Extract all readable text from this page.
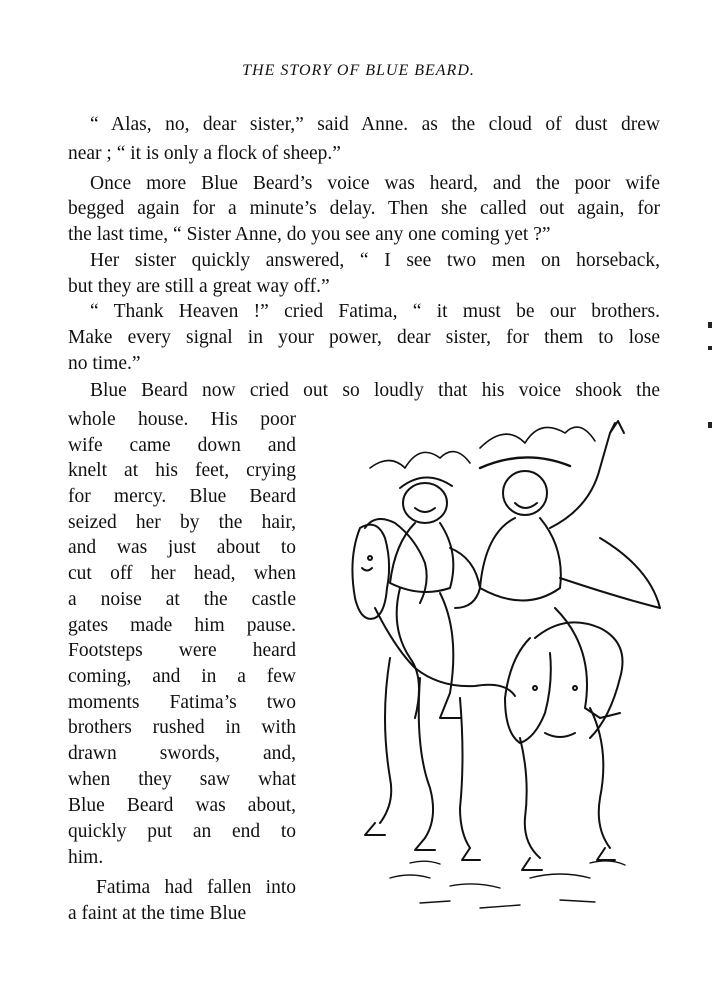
THE STORY OF BLUE BEARD.
“ Alas, no, dear sister,” said Anne. as the cloud of dust drew
near ; “ it is only a flock of sheep.”
Once more Blue Beard’s voice was heard, and the poor wife
begged again for a minute’s delay. Then she called out again, for
the last time, “ Sister Anne, do you see any one coming yet ?”
Her sister quickly answered, “ I see two men on horseback,
but they are still a great way off.”
“ Thank Heaven !” cried Fatima, “ it must be our brothers.
Make every signal in your power, dear sister, for them to lose
no time.”
Blue Beard now cried out so loudly that his voice shook the
whole house. His poor
wife came down and
knelt at his feet, crying
for mercy. Blue Beard
seized her by the hair,
and was just about to
cut off her head, when
a noise at the castle
gates made him pause.
Footsteps were heard
coming, and in a few
moments Fatima’s two
brothers rushed in with
drawn swords, and,
when they saw what
Blue Beard was about,
quickly put an end to
him.
Fatima had fallen into
a faint at the time Blue
